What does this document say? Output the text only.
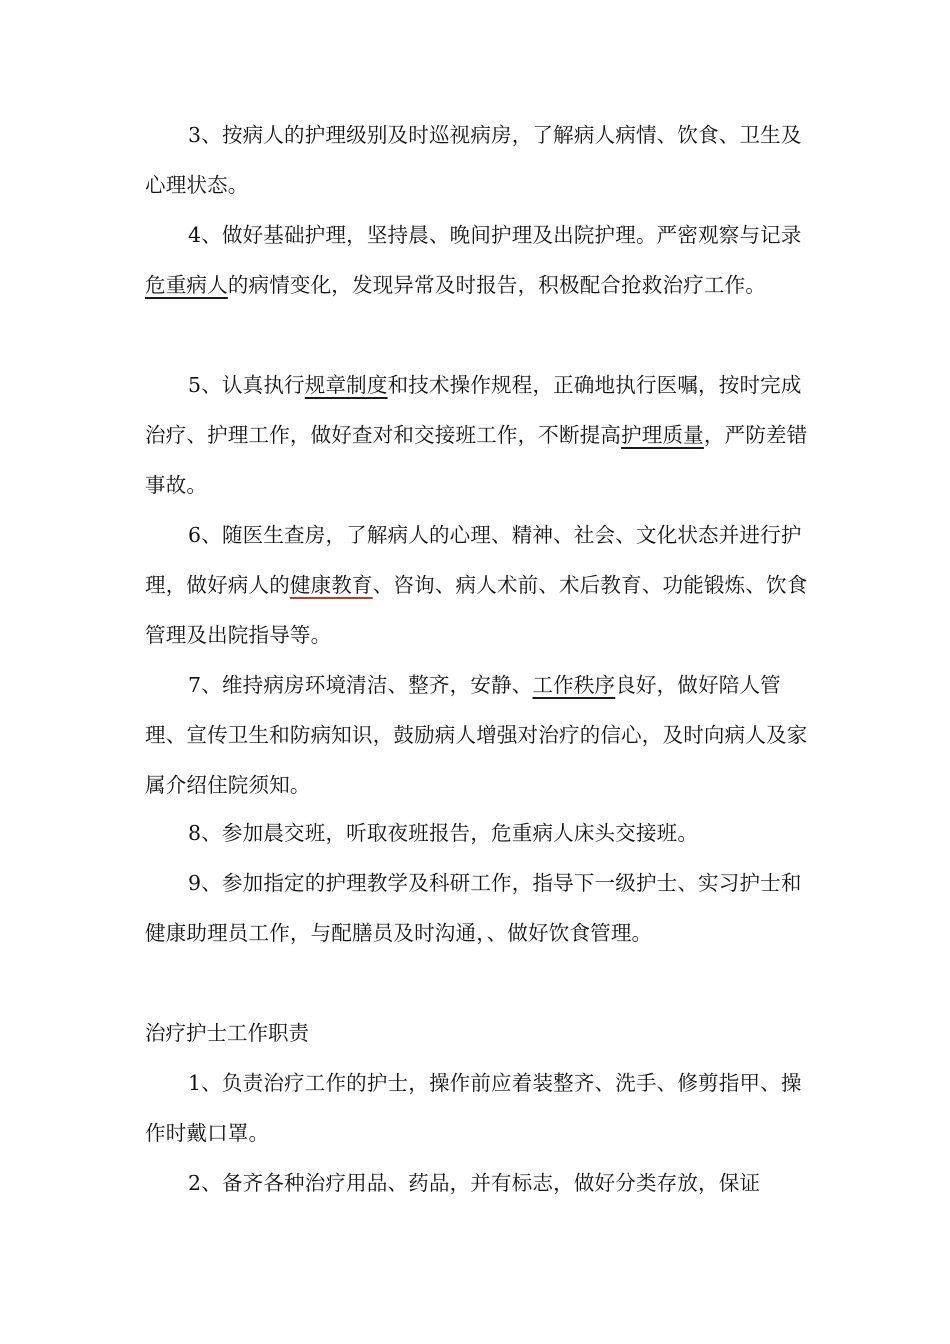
3、按病人的护理级别及时巡视病房，了解病人病情、饮食、卫生及心理状态。

4、做好基础护理，坚持晨、晚间护理及出院护理。严密观察与记录危重病人的病情变化，发现异常及时报告，积极配合抢救治疗工作。

5、认真执行规章制度和技术操作规程，正确地执行医嘱，按时完成治疗、护理工作，做好查对和交接班工作，不断提高护理质量，严防差错事故。

6、随医生查房，了解病人的心理、精神、社会、文化状态并进行护理，做好病人的健康教育、咨询、病人术前、术后教育、功能锻炼、饮食管理及出院指导等。

7、维持病房环境清洁、整齐，安静、工作秩序良好，做好陪人管理、宣传卫生和防病知识，鼓励病人增强对治疗的信心，及时向病人及家属介绍住院须知。

8、参加晨交班，听取夜班报告，危重病人床头交接班。

9、参加指定的护理教学及科研工作，指导下一级护士、实习护士和健康助理员工作，与配膳员及时沟通，、做好饮食管理。

治疗护士工作职责

1、负责治疗工作的护士，操作前应着装整齐、洗手、修剪指甲、操作时戴口罩。

2、备齐各种治疗用品、药品，并有标志，做好分类存放，保证
